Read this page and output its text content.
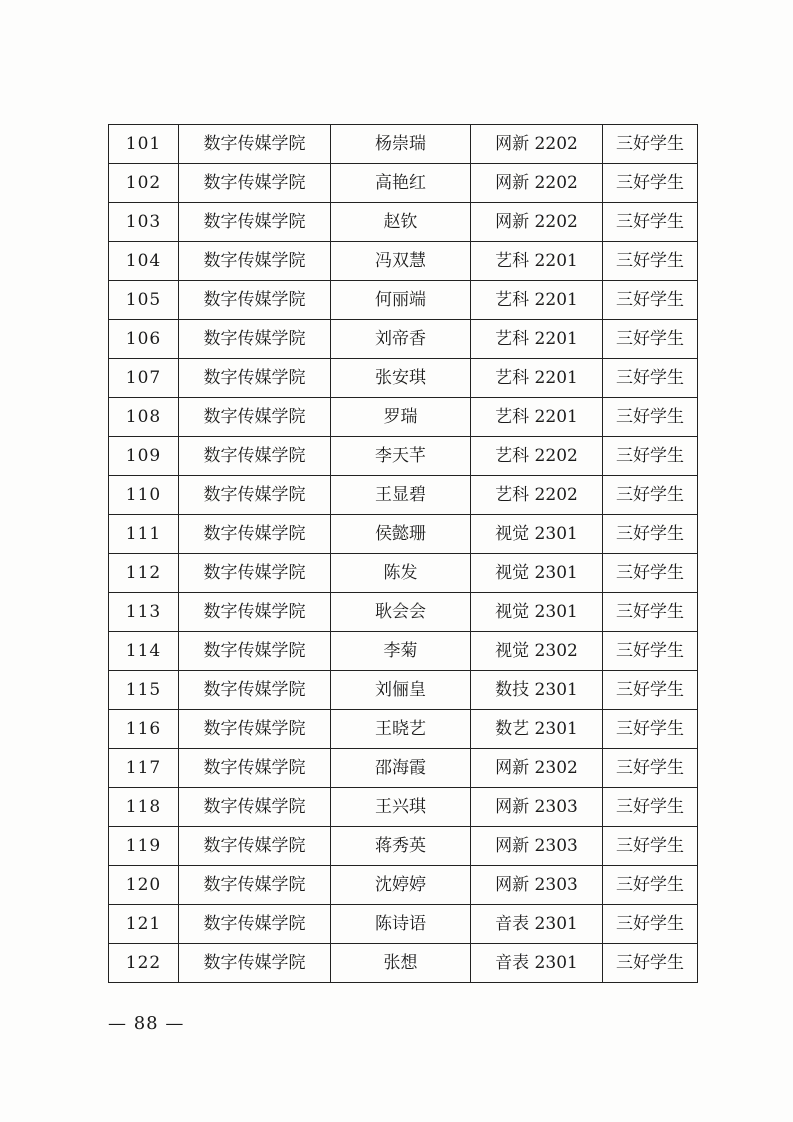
101	数字传媒学院	杨崇瑞	网新 2202	三好学生
102	数字传媒学院	高艳红	网新 2202	三好学生
103	数字传媒学院	赵钦	网新 2202	三好学生
104	数字传媒学院	冯双慧	艺科 2201	三好学生
105	数字传媒学院	何丽端	艺科 2201	三好学生
106	数字传媒学院	刘帝香	艺科 2201	三好学生
107	数字传媒学院	张安琪	艺科 2201	三好学生
108	数字传媒学院	罗瑞	艺科 2201	三好学生
109	数字传媒学院	李天芊	艺科 2202	三好学生
110	数字传媒学院	王显碧	艺科 2202	三好学生
111	数字传媒学院	侯懿珊	视觉 2301	三好学生
112	数字传媒学院	陈发	视觉 2301	三好学生
113	数字传媒学院	耿会会	视觉 2301	三好学生
114	数字传媒学院	李菊	视觉 2302	三好学生
115	数字传媒学院	刘俪皇	数技 2301	三好学生
116	数字传媒学院	王晓艺	数艺 2301	三好学生
117	数字传媒学院	邵海霞	网新 2302	三好学生
118	数字传媒学院	王兴琪	网新 2303	三好学生
119	数字传媒学院	蒋秀英	网新 2303	三好学生
120	数字传媒学院	沈婷婷	网新 2303	三好学生
121	数字传媒学院	陈诗语	音表 2301	三好学生
122	数字传媒学院	张想	音表 2301	三好学生
— 88 —
